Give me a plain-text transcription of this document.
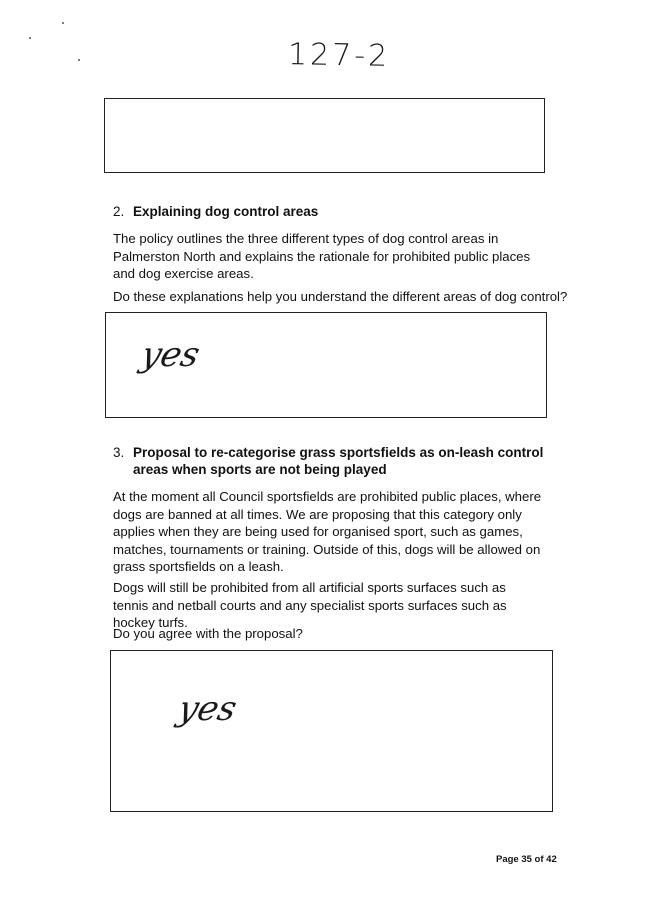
127-2
2. Explaining dog control areas

The policy outlines the three different types of dog control areas in Palmerston North and explains the rationale for prohibited public places and dog exercise areas.

Do these explanations help you understand the different areas of dog control?

yes
3. Proposal to re-categorise grass sportsfields as on-leash control
areas when sports are not being played

At the moment all Council sportsfields are prohibited public places, where dogs are banned at all times. We are proposing that this category only applies when they are being used for organised sport, such as games, matches, tournaments or training. Outside of this, dogs will be allowed on grass sportsfields on a leash.

Dogs will still be prohibited from all artificial sports surfaces such as tennis and netball courts and any specialist sports surfaces such as hockey turfs.

Do you agree with the proposal?

yes
Page 35 of 42
